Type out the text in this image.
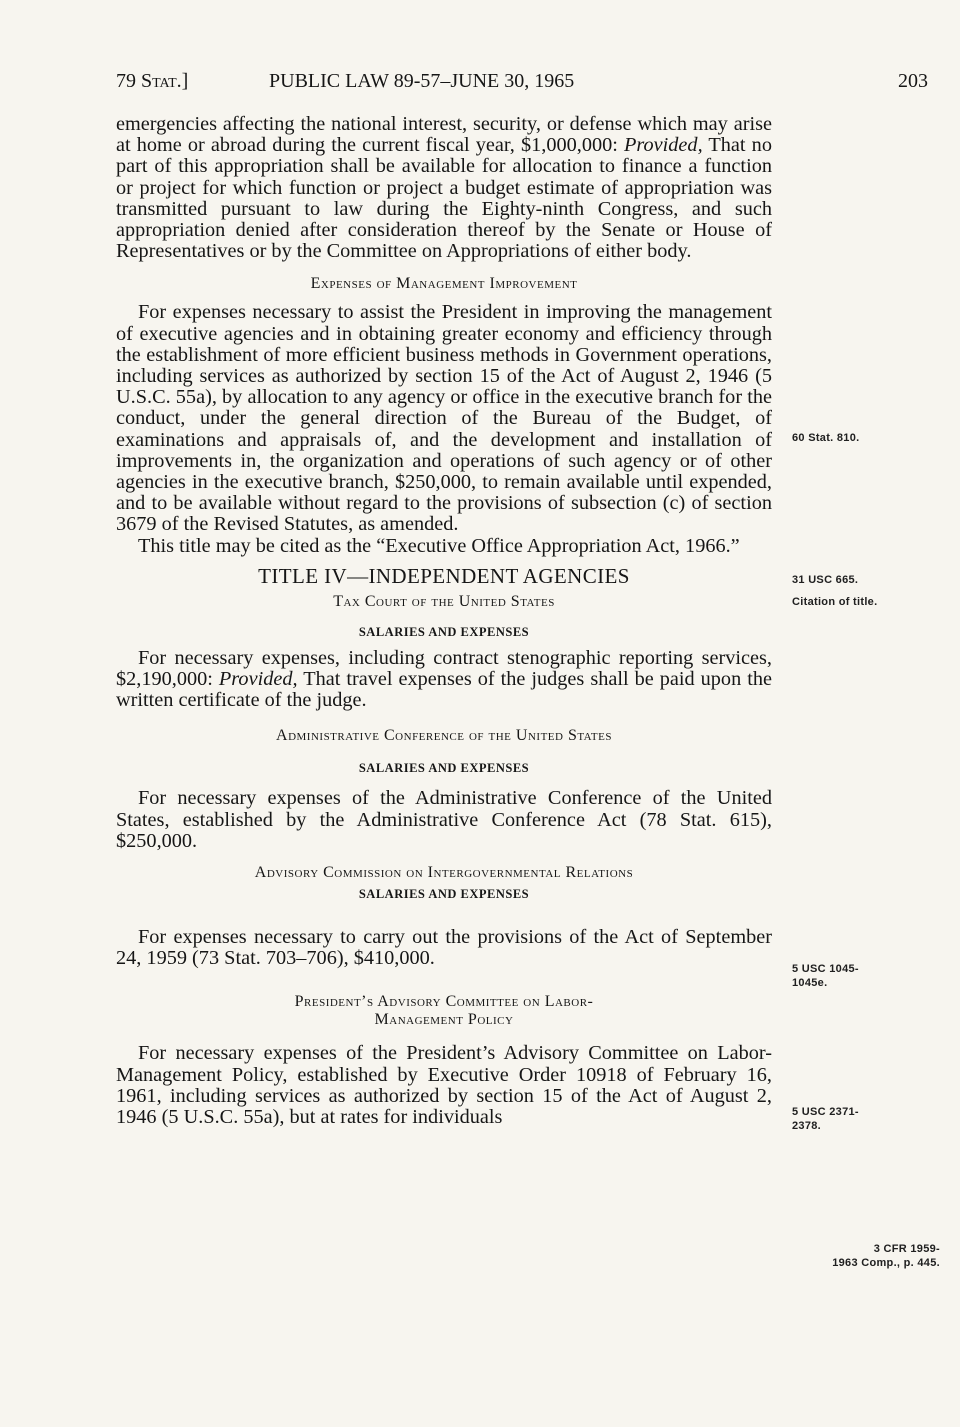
79 Stat.]	PUBLIC LAW 89-57–JUNE 30, 1965	203

emergencies affecting the national interest, security, or defense which may arise at home or abroad during the current fiscal year, $1,000,000: Provided, That no part of this appropriation shall be available for allocation to finance a function or project for which function or project a budget estimate of appropriation was transmitted pursuant to law during the Eighty-ninth Congress, and such appropriation denied after consideration thereof by the Senate or House of Representatives or by the Committee on Appropriations of either body.

Expenses of Management Improvement

For expenses necessary to assist the President in improving the management of executive agencies and in obtaining greater economy and efficiency through the establishment of more efficient business methods in Government operations, including services as authorized by section 15 of the Act of August 2, 1946 (5 U.S.C. 55a), by allocation to any agency or office in the executive branch for the conduct, under the general direction of the Bureau of the Budget, of examinations and appraisals of, and the development and installation of improvements in, the organization and operations of such agency or of other agencies in the executive branch, $250,000, to remain available until expended, and to be available without regard to the provisions of subsection (c) of section 3679 of the Revised Statutes, as amended.

This title may be cited as the “Executive Office Appropriation Act, 1966.”

TITLE IV—INDEPENDENT AGENCIES

Tax Court of the United States

SALARIES AND EXPENSES

For necessary expenses, including contract stenographic reporting services, $2,190,000: Provided, That travel expenses of the judges shall be paid upon the written certificate of the judge.

Administrative Conference of the United States

SALARIES AND EXPENSES

For necessary expenses of the Administrative Conference of the United States, established by the Administrative Conference Act (78 Stat. 615), $250,000.

Advisory Commission on Intergovernmental Relations

SALARIES AND EXPENSES

For expenses necessary to carry out the provisions of the Act of September 24, 1959 (73 Stat. 703–706), $410,000.

President’s Advisory Committee on Labor-
Management Policy

For necessary expenses of the President’s Advisory Committee on Labor-Management Policy, established by Executive Order 10918 of February 16, 1961, including services as authorized by section 15 of the Act of August 2, 1946 (5 U.S.C. 55a), but at rates for individuals

60 Stat. 810.
31 USC 665.
Citation of title.
5 USC 1045-
1045e.
5 USC 2371-
2378.
3 CFR 1959-
1963 Comp., p. 445.
